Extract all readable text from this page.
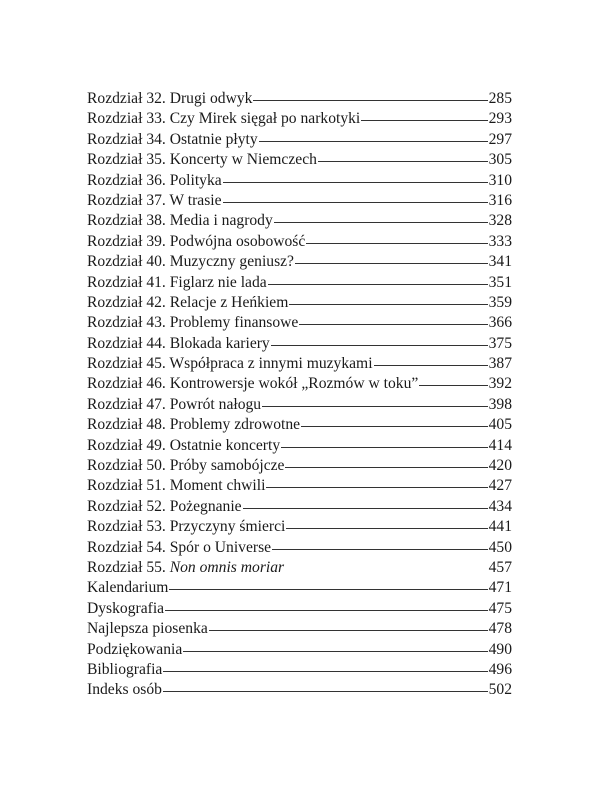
Rozdział 32. Drugi odwyk	285
Rozdział 33. Czy Mirek sięgał po narkotyki	293
Rozdział 34. Ostatnie płyty	297
Rozdział 35. Koncerty w Niemczech	305
Rozdział 36. Polityka	310
Rozdział 37. W trasie	316
Rozdział 38. Media i nagrody	328
Rozdział 39. Podwójna osobowość	333
Rozdział 40. Muzyczny geniusz?	341
Rozdział 41. Figlarz nie lada	351
Rozdział 42. Relacje z Heńkiem	359
Rozdział 43. Problemy finansowe	366
Rozdział 44. Blokada kariery	375
Rozdział 45. Współpraca z innymi muzykami	387
Rozdział 46. Kontrowersje wokół „Rozmów w toku”	392
Rozdział 47. Powrót nałogu	398
Rozdział 48. Problemy zdrowotne	405
Rozdział 49. Ostatnie koncerty	414
Rozdział 50. Próby samobójcze	420
Rozdział 51. Moment chwili	427
Rozdział 52. Pożegnanie	434
Rozdział 53. Przyczyny śmierci	441
Rozdział 54. Spór o Universe	450
Rozdział 55. Non omnis moriar	457
Kalendarium	471
Dyskografia	475
Najlepsza piosenka	478
Podziękowania	490
Bibliografia	496
Indeks osób	502
